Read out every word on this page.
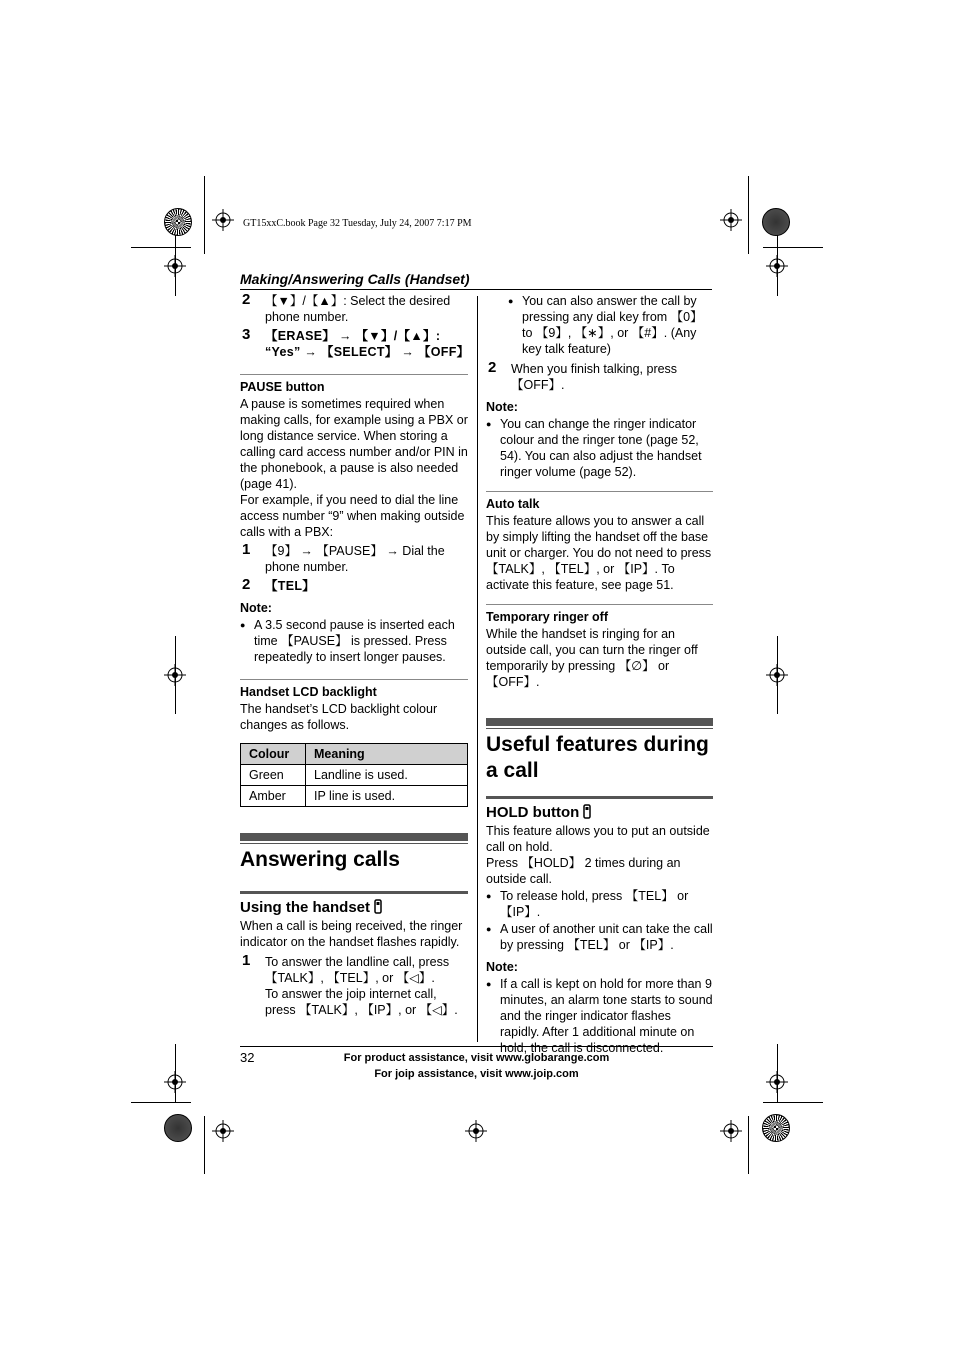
GT15xxC.book Page 32 Tuesday, July 24, 2007 7:17 PM
Making/Answering Calls (Handset)
2 【▼】/【▲】: Select the desired phone number.
3 【ERASE】 → 【▼】/【▲】: “Yes” → 【SELECT】 → 【OFF】
PAUSE button
A pause is sometimes required when making calls, for example using a PBX or long distance service. When storing a calling card access number and/or PIN in the phonebook, a pause is also needed (page 41).
For example, if you need to dial the line access number “9” when making outside calls with a PBX:
1 【9】 → 【PAUSE】 → Dial the phone number.
2 【TEL】
Note:
● A 3.5 second pause is inserted each time 【PAUSE】 is pressed. Press repeatedly to insert longer pauses.
Handset LCD backlight
The handset’s LCD backlight colour changes as follows.
Colour	Meaning
Green	Landline is used.
Amber	IP line is used.
Answering calls
Using the handset
When a call is being received, the ringer indicator on the handset flashes rapidly.
1 To answer the landline call, press 【TALK】, 【TEL】, or 【◁】.
To answer the joip internet call, press 【TALK】, 【IP】, or 【◁】.
● You can also answer the call by pressing any dial key from 【0】 to 【9】, 【∗】, or 【#】. (Any key talk feature)
2 When you finish talking, press 【OFF】.
Note:
● You can change the ringer indicator colour and the ringer tone (page 52, 54). You can also adjust the handset ringer volume (page 52).
Auto talk
This feature allows you to answer a call by simply lifting the handset off the base unit or charger. You do not need to press 【TALK】, 【TEL】, or 【IP】. To activate this feature, see page 51.
Temporary ringer off
While the handset is ringing for an outside call, you can turn the ringer off temporarily by pressing 【∅】 or 【OFF】.
Useful features during a call
HOLD button
This feature allows you to put an outside call on hold.
Press 【HOLD】 2 times during an outside call.
● To release hold, press 【TEL】 or 【IP】.
● A user of another unit can take the call by pressing 【TEL】 or 【IP】.
Note:
● If a call is kept on hold for more than 9 minutes, an alarm tone starts to sound and the ringer indicator flashes rapidly. After 1 additional minute on hold, the call is disconnected.
32	For product assistance, visit www.globarange.com
For joip assistance, visit www.joip.com
